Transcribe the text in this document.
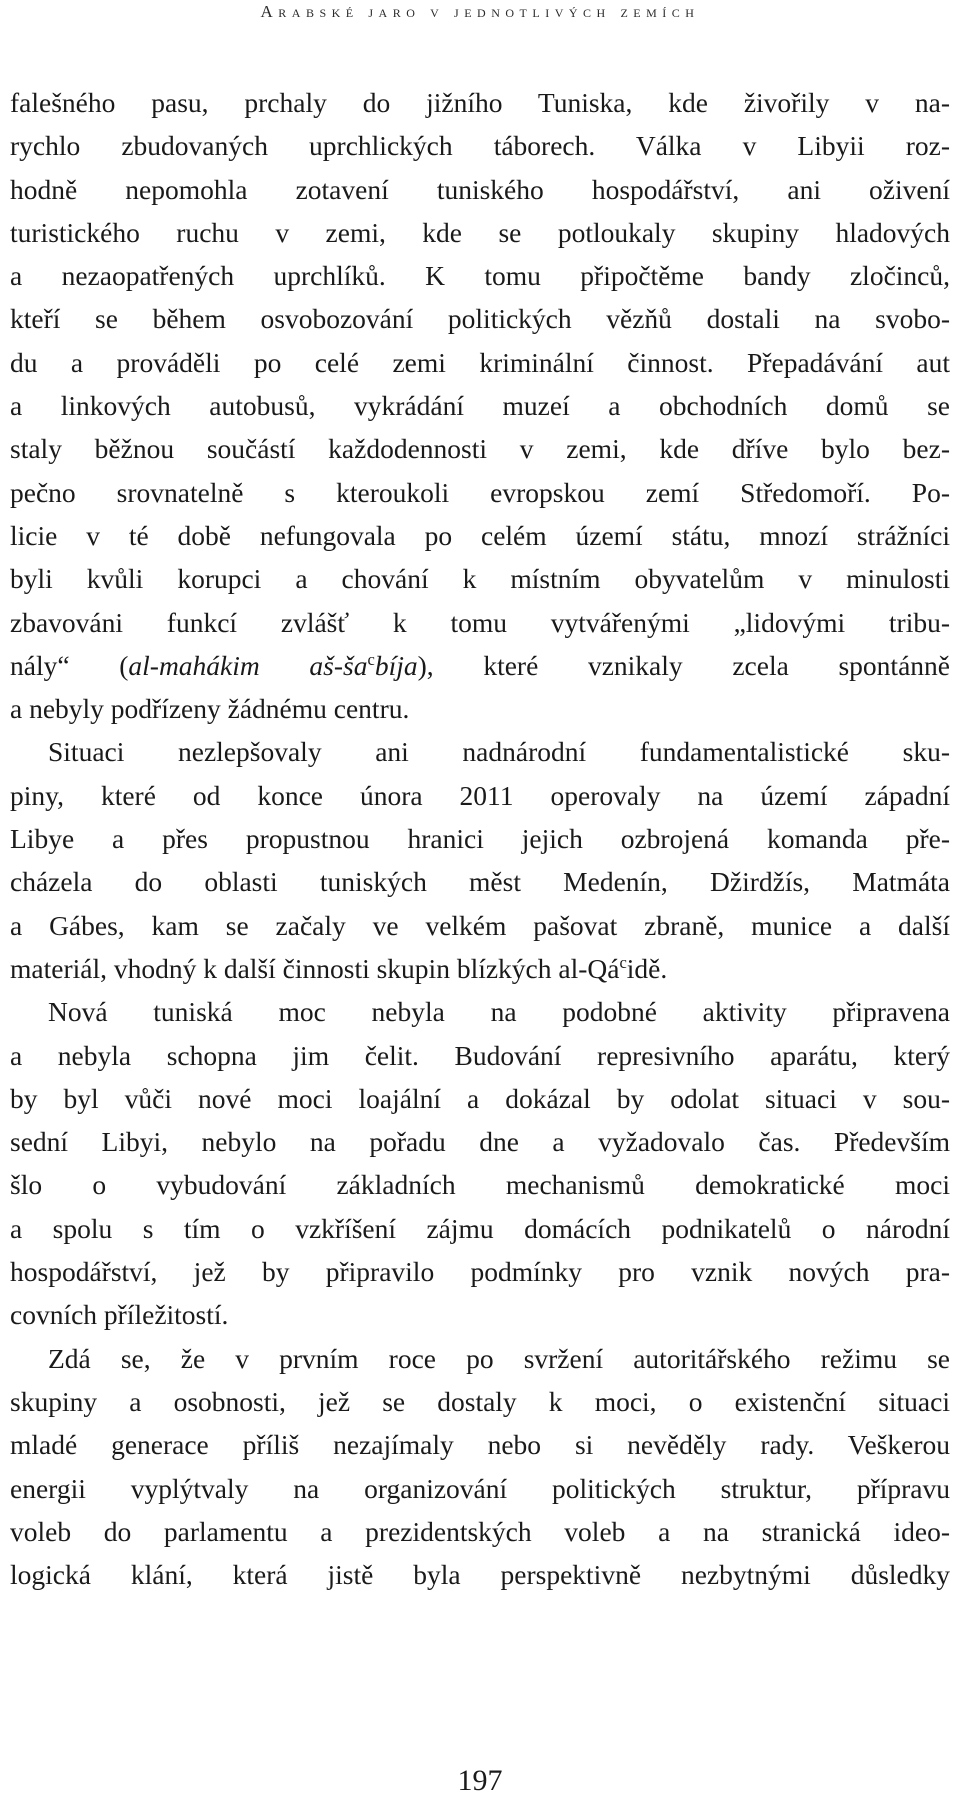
Arabské jaro v jednotlivých zemích

falešného pasu, prchaly do jižního Tuniska, kde živořily v na-
rychlo zbudovaných uprchlických táborech. Válka v Libyii roz-
hodně nepomohla zotavení tuniského hospodářství, ani oživení
turistického ruchu v zemi, kde se potloukaly skupiny hladových
a nezaopatřených uprchlíků. K tomu připočtěme bandy zločinců,
kteří se během osvobozování politických vězňů dostali na svobo-
du a prováděli po celé zemi kriminální činnost. Přepadávání aut
a linkových autobusů, vykrádání muzeí a obchodních domů se
staly běžnou součástí každodennosti v zemi, kde dříve bylo bez-
pečno srovnatelně s kteroukoli evropskou zemí Středomoří. Po-
licie v té době nefungovala po celém území státu, mnozí strážníci
byli kvůli korupci a chování k místním obyvatelům v minulosti
zbavováni funkcí zvlášť k tomu vytvářenými „lidovými tribu-
nály“ (al-mahákim $aš-ša^cbíja$), které vznikaly zcela spontánně
a nebyly podřízeny žádnému centru.

Situaci nezlepšovaly ani nadnárodní fundamentalistické sku-
piny, které od konce února 2011 operovaly na území západní
Libye a přes propustnou hranici jejich ozbrojená komanda pře-
cházela do oblasti tuniských měst Medenín, Džirdžís, Matmáta
a Gábes, kam se začaly ve velkém pašovat zbraně, munice a další
materiál, vhodný k další činnosti skupin blízkých $al-Qá^cidě$.

Nová tuniská moc nebyla na podobné aktivity připravena
a nebyla schopna jim čelit. Budování represivního aparátu, který
by byl vůči nové moci loajální a dokázal by odolat situaci v sou-
sední Libyi, nebylo na pořadu dne a vyžadovalo čas. Především
šlo o vybudování základních mechanismů demokratické moci
a spolu s tím o vzkříšení zájmu domácích podnikatelů o národní
hospodářství, jež by připravilo podmínky pro vznik nových pra-
covních příležitostí.

Zdá se, že v prvním roce po svržení autoritářského režimu se
skupiny a osobnosti, jež se dostaly k moci, o existenční situaci
mladé generace příliš nezajímaly nebo si nevěděly rady. Veškerou
energii vyplýtvaly na organizování politických struktur, přípravu
voleb do parlamentu a prezidentských voleb a na stranická ideo-
logická klání, která jistě byla perspektivně nezbytnými důsledky

197
